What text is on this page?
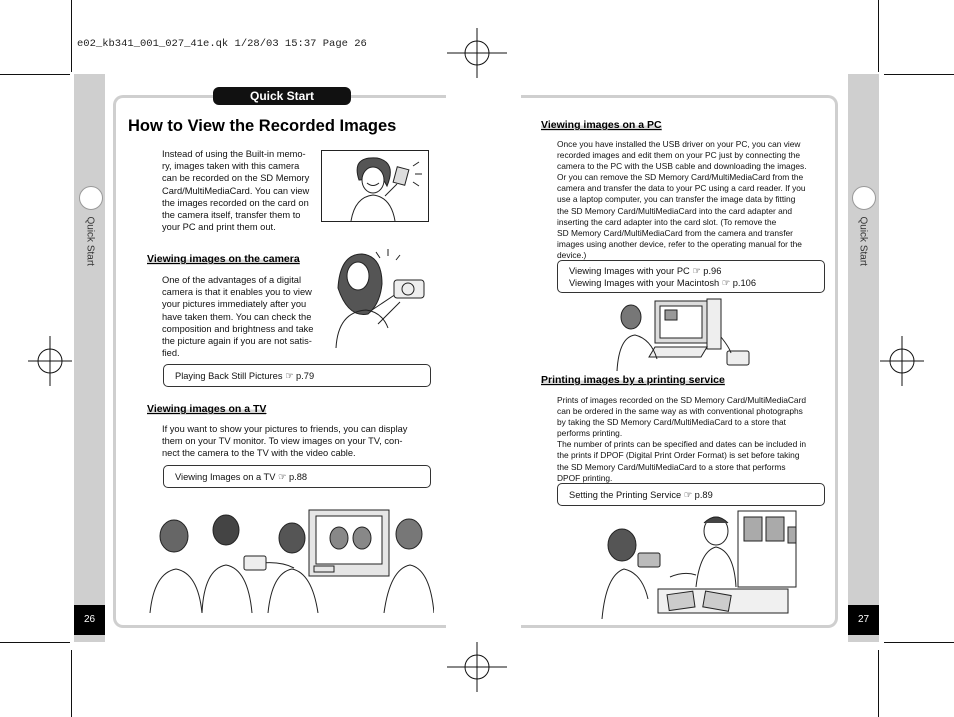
e02_kb341_001_027_41e.qk 1/28/03 15:37 Page 26
Quick Start
26
Quick Start
27
Quick Start
How to View the Recorded Images

Instead of using the Built-in memo-

ry, images taken with this camera

can be recorded on the SD Memory

Card/MultiMediaCard. You can view

the images recorded on the card on

the camera itself, transfer them to

your PC and print them out.

Viewing images on the camera

One of the advantages of a digital

camera is that it enables you to view

your pictures immediately after you

have taken them. You can check the

composition and brightness and take

the picture again if you are not satis-

fied.

Playing Back Still Pictures ☞ p.79
Viewing images on a TV

If you want to show your pictures to friends, you can display

them on your TV monitor. To view images on your TV, con-

nect the camera to the TV with the video cable.

Viewing Images on a TV ☞ p.88
Viewing images on a PC

Once you have installed the USB driver on your PC, you can view

recorded images and edit them on your PC just by connecting the

camera to the PC with the USB cable and downloading the images.

Or you can remove the SD Memory Card/MultiMediaCard from the

camera and transfer the data to your PC using a card reader. If you

use a laptop computer, you can transfer the image data by fitting

the SD Memory Card/MultiMediaCard into the card adapter and

inserting the card adapter into the card slot. (To remove the

SD Memory Card/MultiMediaCard from the camera and transfer

images using another device, refer to the operating manual for the

device.)

Viewing Images with your PC ☞ p.96
Viewing Images with your Macintosh ☞ p.106
Printing images by a printing service

Prints of images recorded on the SD Memory Card/MultiMediaCard

can be ordered in the same way as with conventional photographs

by taking the SD Memory Card/MultiMediaCard to a store that

performs printing.

The number of prints can be specified and dates can be included in

the prints if DPOF (Digital Print Order Format) is set before taking

the SD Memory Card/MultiMediaCard to a store that performs

DPOF printing.

Setting the Printing Service ☞ p.89
